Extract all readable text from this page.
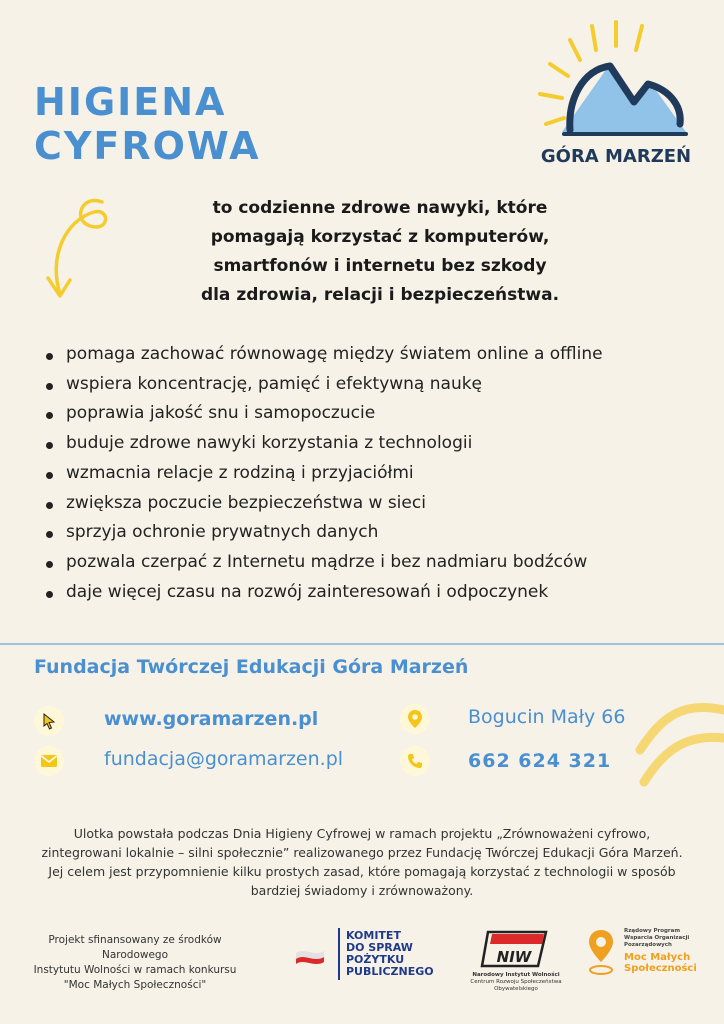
HIGIENA
CYFROWA	GÓRA MARZEŃ
to codzienne zdrowe nawyki, które
pomagają korzystać z komputerów,
smartfonów i internetu bez szkody
dla zdrowia, relacji i bezpieczeństwa.
pomaga zachować równowagę między światem online a offline
wspiera koncentrację, pamięć i efektywną naukę
poprawia jakość snu i samopoczucie
buduje zdrowe nawyki korzystania z technologii
wzmacnia relacje z rodziną i przyjaciółmi
zwiększa poczucie bezpieczeństwa w sieci
sprzyja ochronie prywatnych danych
pozwala czerpać z Internetu mądrze i bez nadmiaru bodźców
daje więcej czasu na rozwój zainteresowań i odpoczynek
Fundacja Twórczej Edukacji Góra Marzeń
www.goramarzen.pl
fundacja@goramarzen.pl
Bogucin Mały 66
662 624 321
Ulotka powstała podczas Dnia Higieny Cyfrowej w ramach projektu „Zrównoważeni cyfrowo,
zintegrowani lokalnie – silni społecznie” realizowanego przez Fundację Twórczej Edukacji Góra Marzeń.
Jej celem jest przypomnienie kilku prostych zasad, które pomagają korzystać z technologii w sposób
bardziej świadomy i zrównoważony.
Projekt sfinansowany ze środków Narodowego
Instytutu Wolności w ramach konkursu
"Moc Małych Społeczności"
KOMITET
DO SPRAW
POŻYTKU
PUBLICZNEGO
NIW
Narodowy Instytut Wolności
Centrum Rozwoju Społeczeństwa Obywatelskiego
Rządowy Program
Wsparcia Organizacji
Pozarządowych
Moc Małych
Społeczności
